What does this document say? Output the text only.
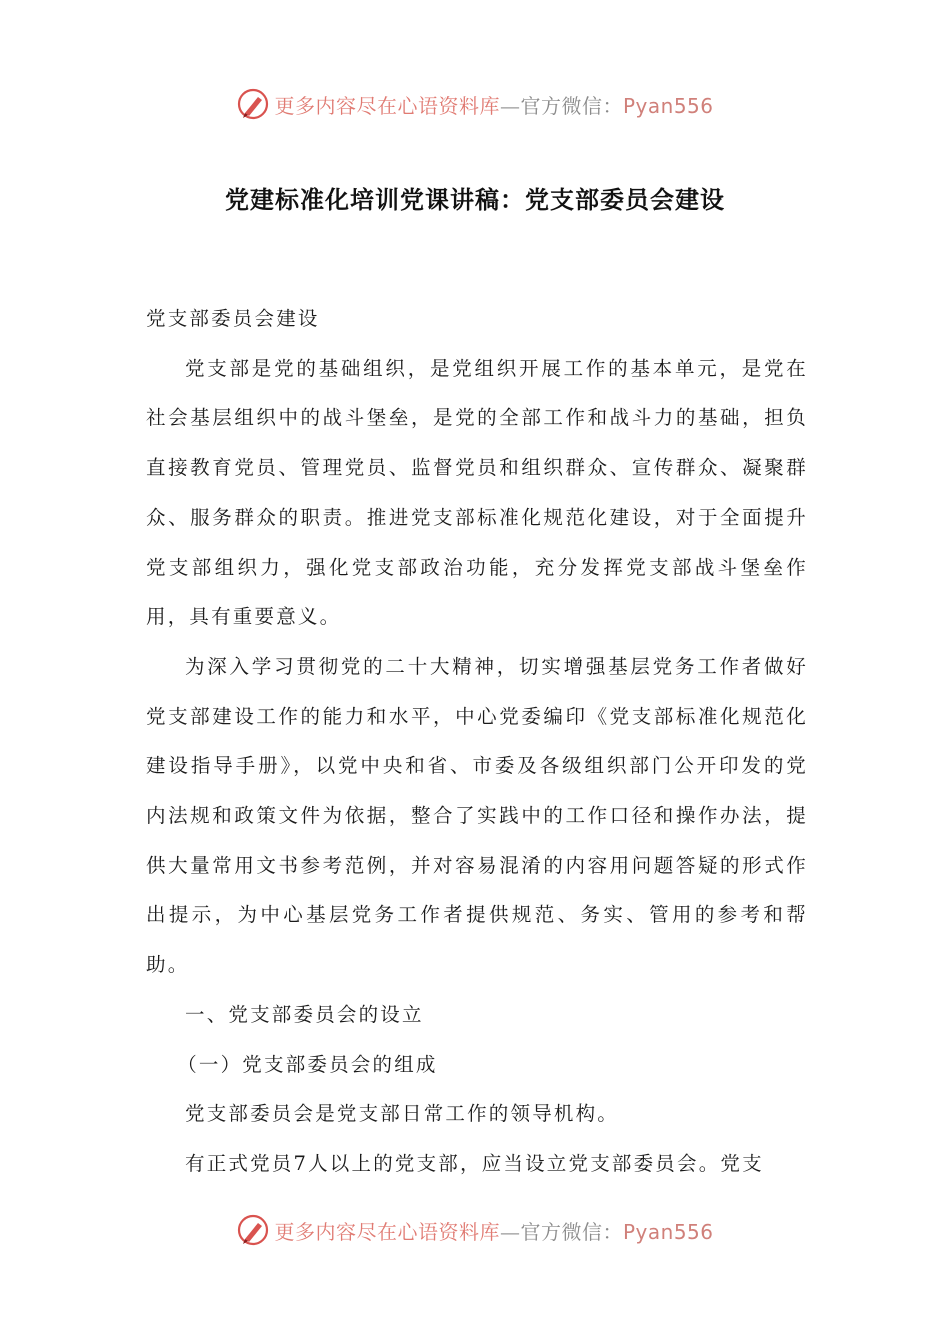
更多内容尽在心语资料库—官方微信：Pyan556
党建标准化培训党课讲稿：党支部委员会建设

党支部委员会建设

党支部是党的基础组织，是党组织开展工作的基本单元，是党在社会基层组织中的战斗堡垒，是党的全部工作和战斗力的基础，担负直接教育党员、管理党员、监督党员和组织群众、宣传群众、凝聚群众、服务群众的职责。推进党支部标准化规范化建设，对于全面提升党支部组织力，强化党支部政治功能，充分发挥党支部战斗堡垒作用，具有重要意义。

为深入学习贯彻党的二十大精神，切实增强基层党务工作者做好党支部建设工作的能力和水平，中心党委编印《党支部标准化规范化建设指导手册》，以党中央和省、市委及各级组织部门公开印发的党内法规和政策文件为依据，整合了实践中的工作口径和操作办法，提供大量常用文书参考范例，并对容易混淆的内容用问题答疑的形式作出提示，为中心基层党务工作者提供规范、务实、管用的参考和帮助。

一、党支部委员会的设立

（一）党支部委员会的组成

党支部委员会是党支部日常工作的领导机构。

有正式党员7人以上的党支部，应当设立党支部委员会。党支

更多内容尽在心语资料库—官方微信：Pyan556
